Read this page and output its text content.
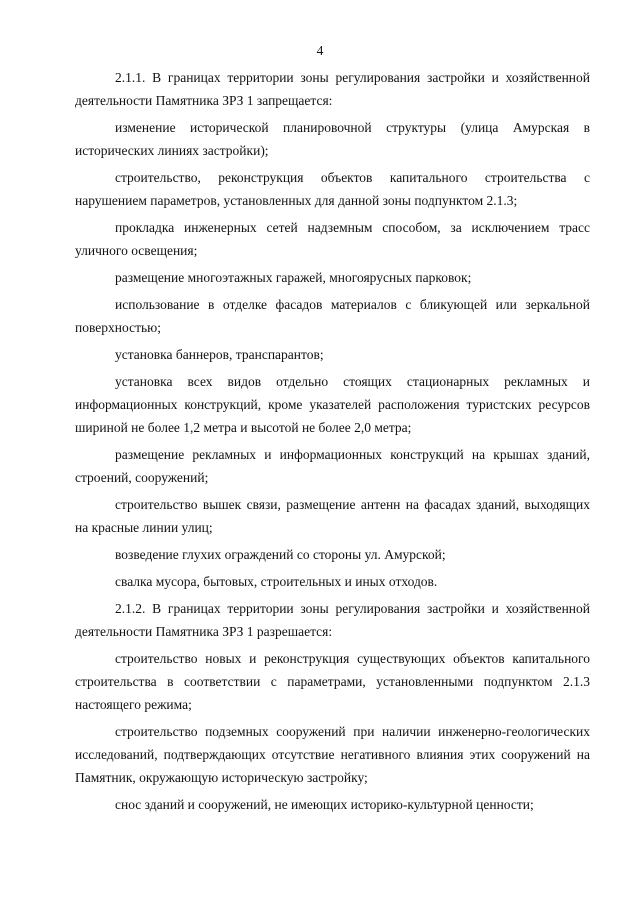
4

2.1.1. В границах территории зоны регулирования застройки и хозяйственной деятельности Памятника ЗРЗ 1 запрещается:

изменение исторической планировочной структуры (улица Амурская в исторических линиях застройки);

строительство, реконструкция объектов капитального строительства с нарушением параметров, установленных для данной зоны подпунктом 2.1.3;

прокладка инженерных сетей надземным способом, за исключением трасс уличного освещения;

размещение многоэтажных гаражей, многоярусных парковок;

использование в отделке фасадов материалов с бликующей или зеркальной поверхностью;

установка баннеров, транспарантов;

установка всех видов отдельно стоящих стационарных рекламных и информационных конструкций, кроме указателей расположения туристских ресурсов шириной не более 1,2 метра и высотой не более 2,0 метра;

размещение рекламных и информационных конструкций на крышах зданий, строений, сооружений;

строительство вышек связи, размещение антенн на фасадах зданий, выходящих на красные линии улиц;

возведение глухих ограждений со стороны ул. Амурской;

свалка мусора, бытовых, строительных и иных отходов.

2.1.2. В границах территории зоны регулирования застройки и хозяйственной деятельности Памятника ЗРЗ 1 разрешается:

строительство новых и реконструкция существующих объектов капитального строительства в соответствии с параметрами, установленными подпунктом 2.1.3 настоящего режима;

строительство подземных сооружений при наличии инженерно-геологических исследований, подтверждающих отсутствие негативного влияния этих сооружений на Памятник, окружающую историческую застройку;

снос зданий и сооружений, не имеющих историко-культурной ценности;
